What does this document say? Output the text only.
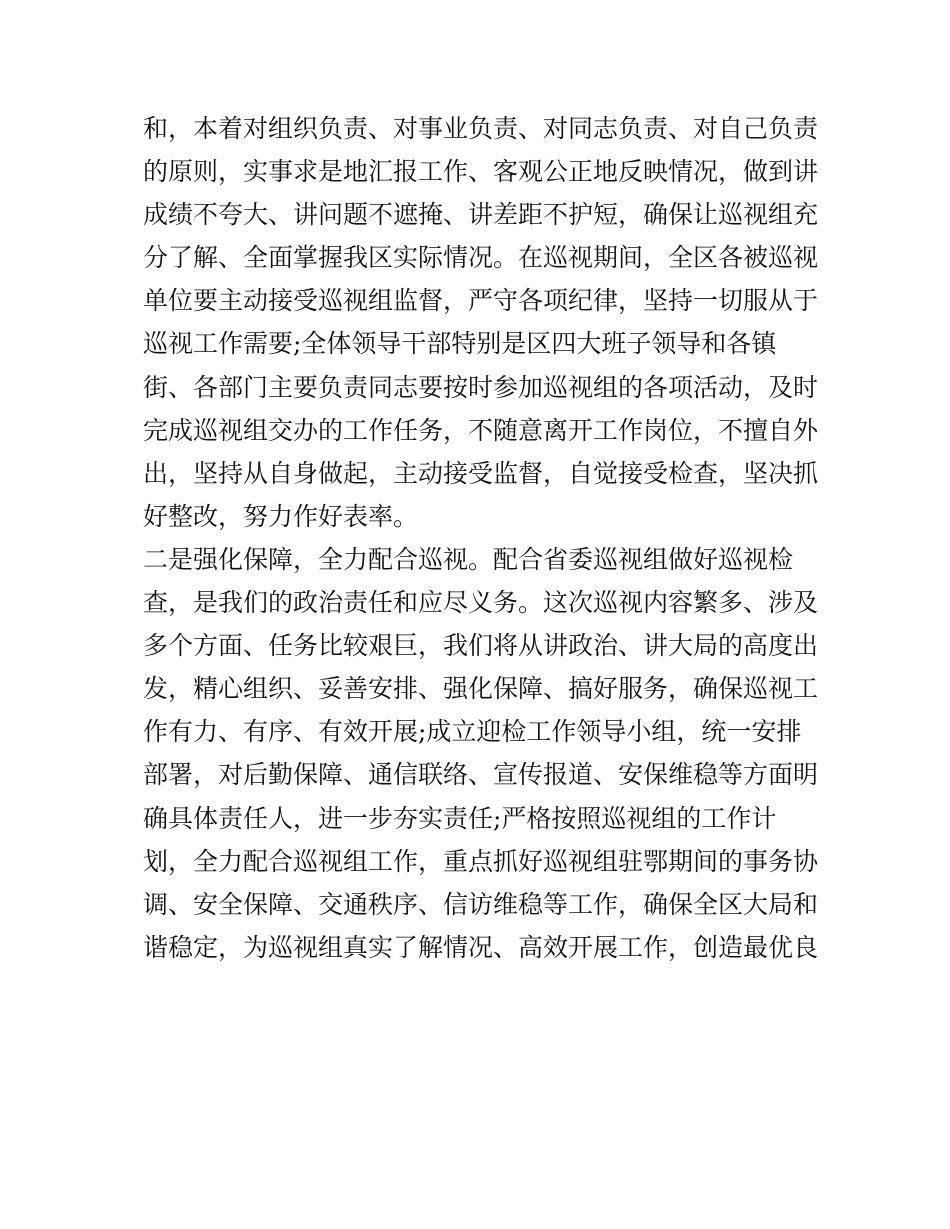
和，本着对组织负责、对事业负责、对同志负责、对自己负责
的原则，实事求是地汇报工作、客观公正地反映情况，做到讲
成绩不夸大、讲问题不遮掩、讲差距不护短，确保让巡视组充
分了解、全面掌握我区实际情况。在巡视期间，全区各被巡视
单位要主动接受巡视组监督，严守各项纪律，坚持一切服从于
巡视工作需要;全体领导干部特别是区四大班子领导和各镇
街、各部门主要负责同志要按时参加巡视组的各项活动，及时
完成巡视组交办的工作任务，不随意离开工作岗位，不擅自外
出，坚持从自身做起，主动接受监督，自觉接受检查，坚决抓
好整改，努力作好表率。
二是强化保障，全力配合巡视。配合省委巡视组做好巡视检
查，是我们的政治责任和应尽义务。这次巡视内容繁多、涉及
多个方面、任务比较艰巨，我们将从讲政治、讲大局的高度出
发，精心组织、妥善安排、强化保障、搞好服务，确保巡视工
作有力、有序、有效开展;成立迎检工作领导小组，统一安排
部署，对后勤保障、通信联络、宣传报道、安保维稳等方面明
确具体责任人，进一步夯实责任;严格按照巡视组的工作计
划，全力配合巡视组工作，重点抓好巡视组驻鄂期间的事务协
调、安全保障、交通秩序、信访维稳等工作，确保全区大局和
谐稳定，为巡视组真实了解情况、高效开展工作，创造最优良
